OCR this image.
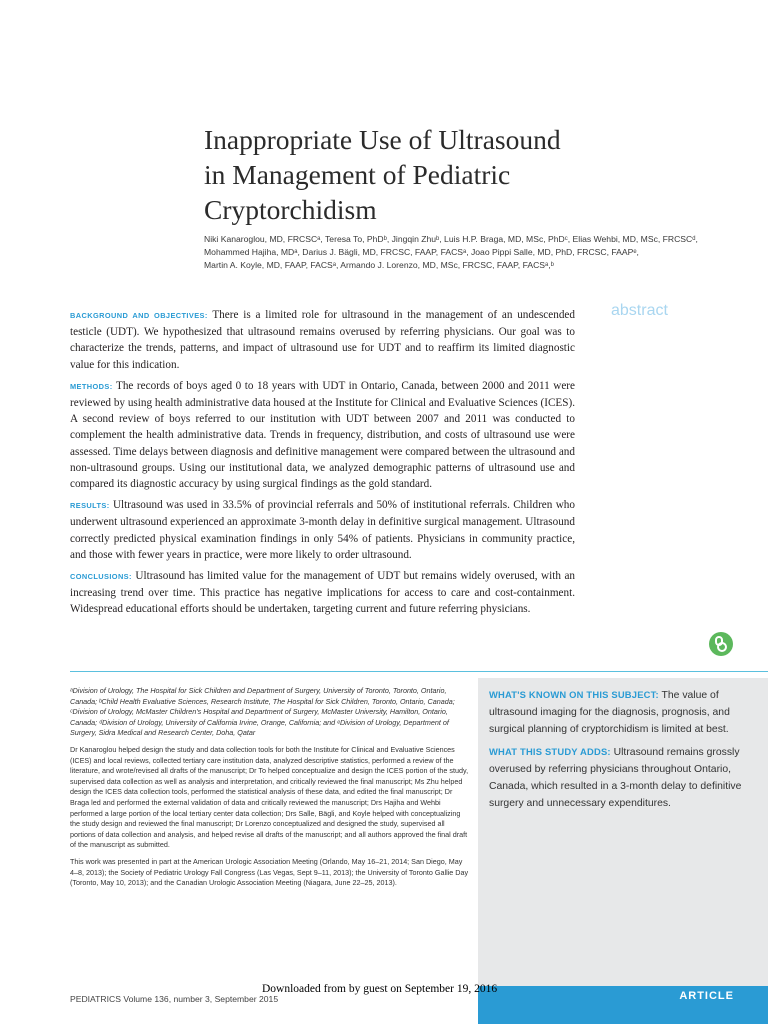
Inappropriate Use of Ultrasound
in Management of Pediatric
Cryptorchidism
Niki Kanaroglou, MD, FRCSCᵃ, Teresa To, PhDᵇ, Jingqin Zhuᵇ, Luis H.P. Braga, MD, MSc, PhDᶜ, Elias Wehbi, MD, MSc, FRCSCᵈ,
Mohammed Hajiha, MDᵃ, Darius J. Bägli, MD, FRCSC, FAAP, FACSᵃ, Joao Pippi Salle, MD, PhD, FRCSC, FAAPᵉ,
Martin A. Koyle, MD, FAAP, FACSᵃ, Armando J. Lorenzo, MD, MSc, FRCSC, FAAP, FACSᵃ,ᵇ
abstract

BACKGROUND AND OBJECTIVES: There is a limited role for ultrasound in the management of an undescended testicle (UDT). We hypothesized that ultrasound remains overused by referring physicians. Our goal was to characterize the trends, patterns, and impact of ultrasound use for UDT and to reaffirm its limited diagnostic value for this indication.

METHODS: The records of boys aged 0 to 18 years with UDT in Ontario, Canada, between 2000 and 2011 were reviewed by using health administrative data housed at the Institute for Clinical and Evaluative Sciences (ICES). A second review of boys referred to our institution with UDT between 2007 and 2011 was conducted to complement the health administrative data. Trends in frequency, distribution, and costs of ultrasound use were assessed. Time delays between diagnosis and definitive management were compared between the ultrasound and non-ultrasound groups. Using our institutional data, we analyzed demographic patterns of ultrasound use and compared its diagnostic accuracy by using surgical findings as the gold standard.

RESULTS: Ultrasound was used in 33.5% of provincial referrals and 50% of institutional referrals. Children who underwent ultrasound experienced an approximate 3-month delay in definitive surgical management. Ultrasound correctly predicted physical examination findings in only 54% of patients. Physicians in community practice, and those with fewer years in practice, were more likely to order ultrasound.

CONCLUSIONS: Ultrasound has limited value for the management of UDT but remains widely overused, with an increasing trend over time. This practice has negative implications for access to care and cost-containment. Widespread educational efforts should be undertaken, targeting current and future referring physicians.

ᵃDivision of Urology, The Hospital for Sick Children and Department of Surgery, University of Toronto, Toronto, Ontario, Canada; ᵇChild Health Evaluative Sciences, Research Institute, The Hospital for Sick Children, Toronto, Ontario, Canada; ᶜDivision of Urology, McMaster Children's Hospital and Department of Surgery, McMaster University, Hamilton, Ontario, Canada; ᵈDivision of Urology, University of California Irvine, Orange, California; and ᵉDivision of Urology, Department of Surgery, Sidra Medical and Research Center, Doha, Qatar

Dr Kanaroglou helped design the study and data collection tools for both the Institute for Clinical and Evaluative Sciences (ICES) and local reviews, collected tertiary care institution data, analyzed descriptive statistics, performed a review of the literature, and wrote/revised all drafts of the manuscript; Dr To helped conceptualize and design the ICES portion of the study, supervised data collection as well as analysis and interpretation, and critically reviewed the final manuscript; Ms Zhu helped design the ICES data collection tools, performed the statistical analysis of these data, and edited the final manuscript; Dr Braga led and performed the external validation of data and critically reviewed the manuscript; Drs Hajiha and Wehbi performed a large portion of the local tertiary center data collection; Drs Salle, Bägli, and Koyle helped with conceptualizing the study design and reviewed the final manuscript; Dr Lorenzo conceptualized and designed the study, supervised all portions of data collection and analysis, and helped revise all drafts of the manuscript; and all authors approved the final draft of the manuscript as submitted.

This work was presented in part at the American Urologic Association Meeting (Orlando, May 16–21, 2014; San Diego, May 4–8, 2013); the Society of Pediatric Urology Fall Congress (Las Vegas, Sept 9–11, 2013); the University of Toronto Gallie Day (Toronto, May 10, 2013); and the Canadian Urologic Association Meeting (Niagara, June 22–25, 2013).

WHAT'S KNOWN ON THIS SUBJECT: The value of ultrasound imaging for the diagnosis, prognosis, and surgical planning of cryptorchidism is limited at best.

WHAT THIS STUDY ADDS: Ultrasound remains grossly overused by referring physicians throughout Ontario, Canada, which resulted in a 3-month delay to definitive surgery and unnecessary expenditures.

ARTICLE
PEDIATRICS Volume 136, number 3, September 2015
Downloaded from by guest on September 19, 2016
